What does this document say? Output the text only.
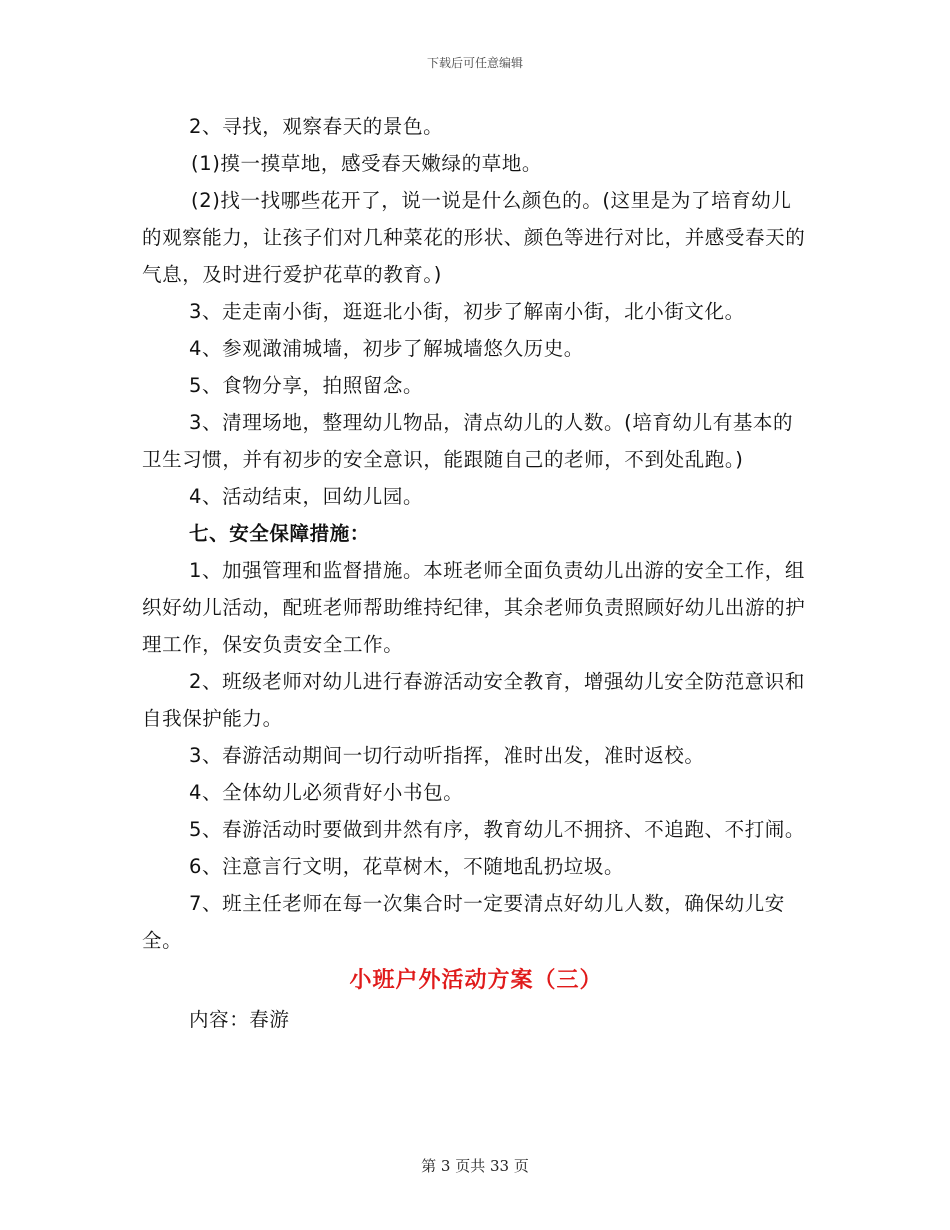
下载后可任意编辑

2、寻找，观察春天的景色。

(1)摸一摸草地，感受春天嫩绿的草地。

(2)找一找哪些花开了，说一说是什么颜色的。(这里是为了培育幼儿的观察能力，让孩子们对几种菜花的形状、颜色等进行对比，并感受春天的气息，及时进行爱护花草的教育。)

3、走走南小街，逛逛北小街，初步了解南小街，北小街文化。

4、参观澉浦城墙，初步了解城墙悠久历史。

5、食物分享，拍照留念。

3、清理场地，整理幼儿物品，清点幼儿的人数。(培育幼儿有基本的卫生习惯，并有初步的安全意识，能跟随自己的老师，不到处乱跑。)

4、活动结束，回幼儿园。

七、安全保障措施：

1、加强管理和监督措施。本班老师全面负责幼儿出游的安全工作，组织好幼儿活动，配班老师帮助维持纪律，其余老师负责照顾好幼儿出游的护理工作，保安负责安全工作。

2、班级老师对幼儿进行春游活动安全教育，增强幼儿安全防范意识和自我保护能力。

3、春游活动期间一切行动听指挥，准时出发，准时返校。

4、全体幼儿必须背好小书包。

5、春游活动时要做到井然有序，教育幼儿不拥挤、不追跑、不打闹。

6、注意言行文明，花草树木，不随地乱扔垃圾。

7、班主任老师在每一次集合时一定要清点好幼儿人数，确保幼儿安全。

小班户外活动方案（三）

内容：春游

第 3 页共 33 页
